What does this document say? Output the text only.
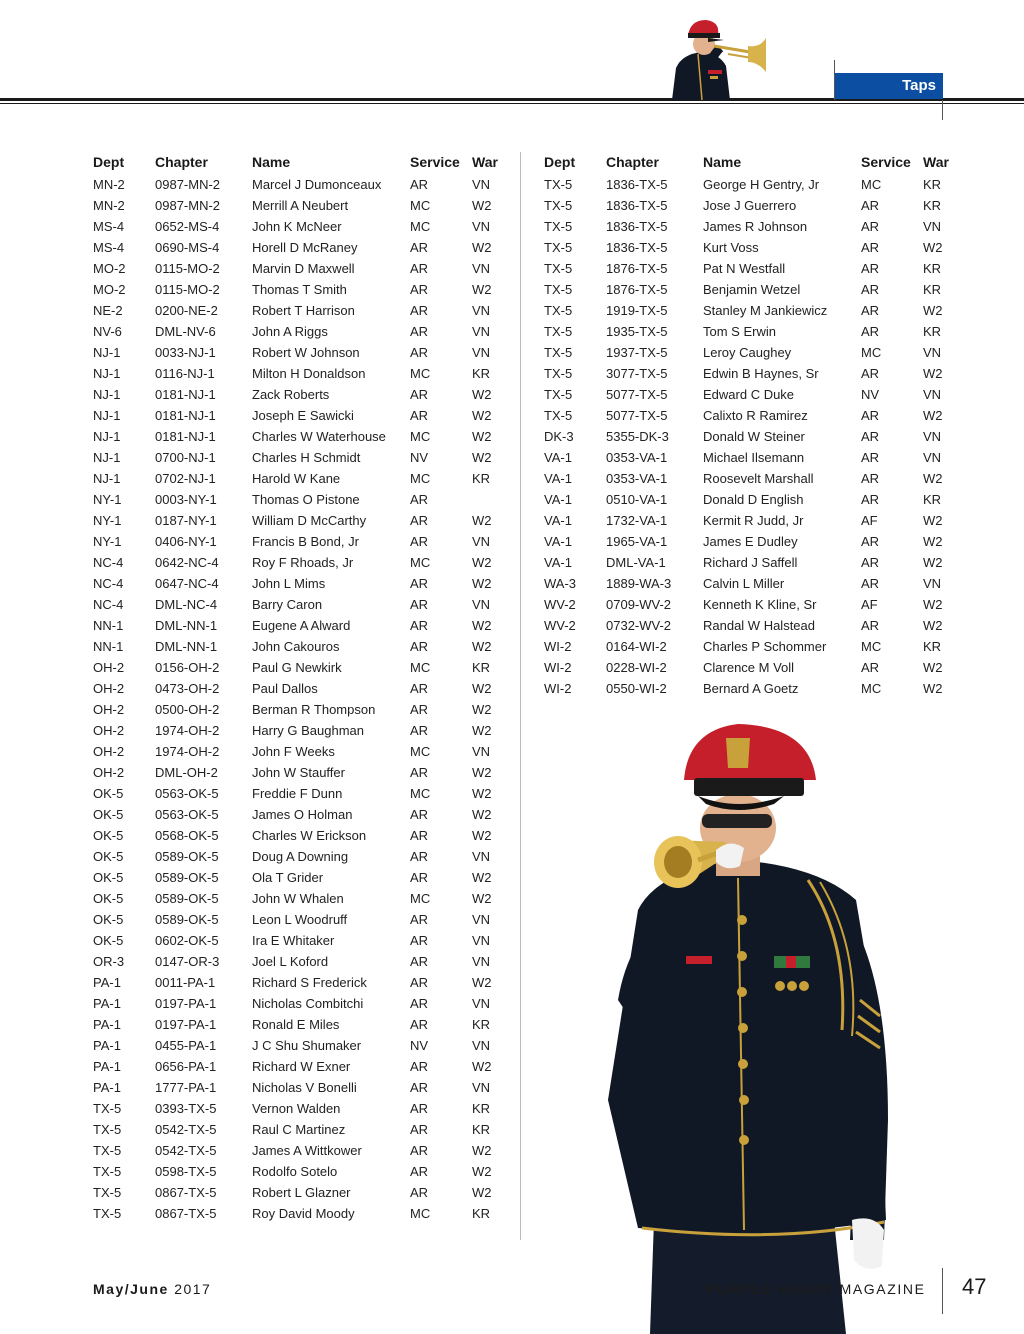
Taps
Dept	Chapter	Name	Service	War
MN-2	0987-MN-2	Marcel J Dumonceaux	AR	VN
MN-2	0987-MN-2	Merrill A Neubert	MC	W2
MS-4	0652-MS-4	John K McNeer	MC	VN
MS-4	0690-MS-4	Horell D McRaney	AR	W2
MO-2	0115-MO-2	Marvin D Maxwell	AR	VN
MO-2	0115-MO-2	Thomas T Smith	AR	W2
NE-2	0200-NE-2	Robert T Harrison	AR	VN
NV-6	DML-NV-6	John A Riggs	AR	VN
NJ-1	0033-NJ-1	Robert W Johnson	AR	VN
NJ-1	0116-NJ-1	Milton H Donaldson	MC	KR
NJ-1	0181-NJ-1	Zack Roberts	AR	W2
NJ-1	0181-NJ-1	Joseph E Sawicki	AR	W2
NJ-1	0181-NJ-1	Charles W Waterhouse	MC	W2
NJ-1	0700-NJ-1	Charles H Schmidt	NV	W2
NJ-1	0702-NJ-1	Harold W Kane	MC	KR
NY-1	0003-NY-1	Thomas O Pistone	AR	
NY-1	0187-NY-1	William D McCarthy	AR	W2
NY-1	0406-NY-1	Francis B Bond, Jr	AR	VN
NC-4	0642-NC-4	Roy F Rhoads, Jr	MC	W2
NC-4	0647-NC-4	John L Mims	AR	W2
NC-4	DML-NC-4	Barry Caron	AR	VN
NN-1	DML-NN-1	Eugene A Alward	AR	W2
NN-1	DML-NN-1	John Cakouros	AR	W2
OH-2	0156-OH-2	Paul G Newkirk	MC	KR
OH-2	0473-OH-2	Paul Dallos	AR	W2
OH-2	0500-OH-2	Berman R Thompson	AR	W2
OH-2	1974-OH-2	Harry G Baughman	AR	W2
OH-2	1974-OH-2	John F Weeks	MC	VN
OH-2	DML-OH-2	John W Stauffer	AR	W2
OK-5	0563-OK-5	Freddie F Dunn	MC	W2
OK-5	0563-OK-5	James O Holman	AR	W2
OK-5	0568-OK-5	Charles W Erickson	AR	W2
OK-5	0589-OK-5	Doug A Downing	AR	VN
OK-5	0589-OK-5	Ola T Grider	AR	W2
OK-5	0589-OK-5	John W Whalen	MC	W2
OK-5	0589-OK-5	Leon L Woodruff	AR	VN
OK-5	0602-OK-5	Ira E Whitaker	AR	VN
OR-3	0147-OR-3	Joel L Koford	AR	VN
PA-1	0011-PA-1	Richard S Frederick	AR	W2
PA-1	0197-PA-1	Nicholas Combitchi	AR	VN
PA-1	0197-PA-1	Ronald E Miles	AR	KR
PA-1	0455-PA-1	J C Shu Shumaker	NV	VN
PA-1	0656-PA-1	Richard W Exner	AR	W2
PA-1	1777-PA-1	Nicholas V Bonelli	AR	VN
TX-5	0393-TX-5	Vernon Walden	AR	KR
TX-5	0542-TX-5	Raul C Martinez	AR	KR
TX-5	0542-TX-5	James A Wittkower	AR	W2
TX-5	0598-TX-5	Rodolfo Sotelo	AR	W2
TX-5	0867-TX-5	Robert L Glazner	AR	W2
TX-5	0867-TX-5	Roy David Moody	MC	KR
Dept	Chapter	Name	Service	War
TX-5	1836-TX-5	George H Gentry, Jr	MC	KR
TX-5	1836-TX-5	Jose J Guerrero	AR	KR
TX-5	1836-TX-5	James R Johnson	AR	VN
TX-5	1836-TX-5	Kurt Voss	AR	W2
TX-5	1876-TX-5	Pat N Westfall	AR	KR
TX-5	1876-TX-5	Benjamin Wetzel	AR	KR
TX-5	1919-TX-5	Stanley M Jankiewicz	AR	W2
TX-5	1935-TX-5	Tom S Erwin	AR	KR
TX-5	1937-TX-5	Leroy Caughey	MC	VN
TX-5	3077-TX-5	Edwin B Haynes, Sr	AR	W2
TX-5	5077-TX-5	Edward C Duke	NV	VN
TX-5	5077-TX-5	Calixto R Ramirez	AR	W2
DK-3	5355-DK-3	Donald W Steiner	AR	VN
VA-1	0353-VA-1	Michael Ilsemann	AR	VN
VA-1	0353-VA-1	Roosevelt Marshall	AR	W2
VA-1	0510-VA-1	Donald D English	AR	KR
VA-1	1732-VA-1	Kermit R Judd, Jr	AF	W2
VA-1	1965-VA-1	James E Dudley	AR	W2
VA-1	DML-VA-1	Richard J Saffell	AR	W2
WA-3	1889-WA-3	Calvin L Miller	AR	VN
WV-2	0709-WV-2	Kenneth K Kline, Sr	AF	W2
WV-2	0732-WV-2	Randal W Halstead	AR	W2
WI-2	0164-WI-2	Charles P Schommer	MC	KR
WI-2	0228-WI-2	Clarence M Voll	AR	W2
WI-2	0550-WI-2	Bernard A Goetz	MC	W2
May/June 2017	PURPLE HEART MAGAZINE 47
